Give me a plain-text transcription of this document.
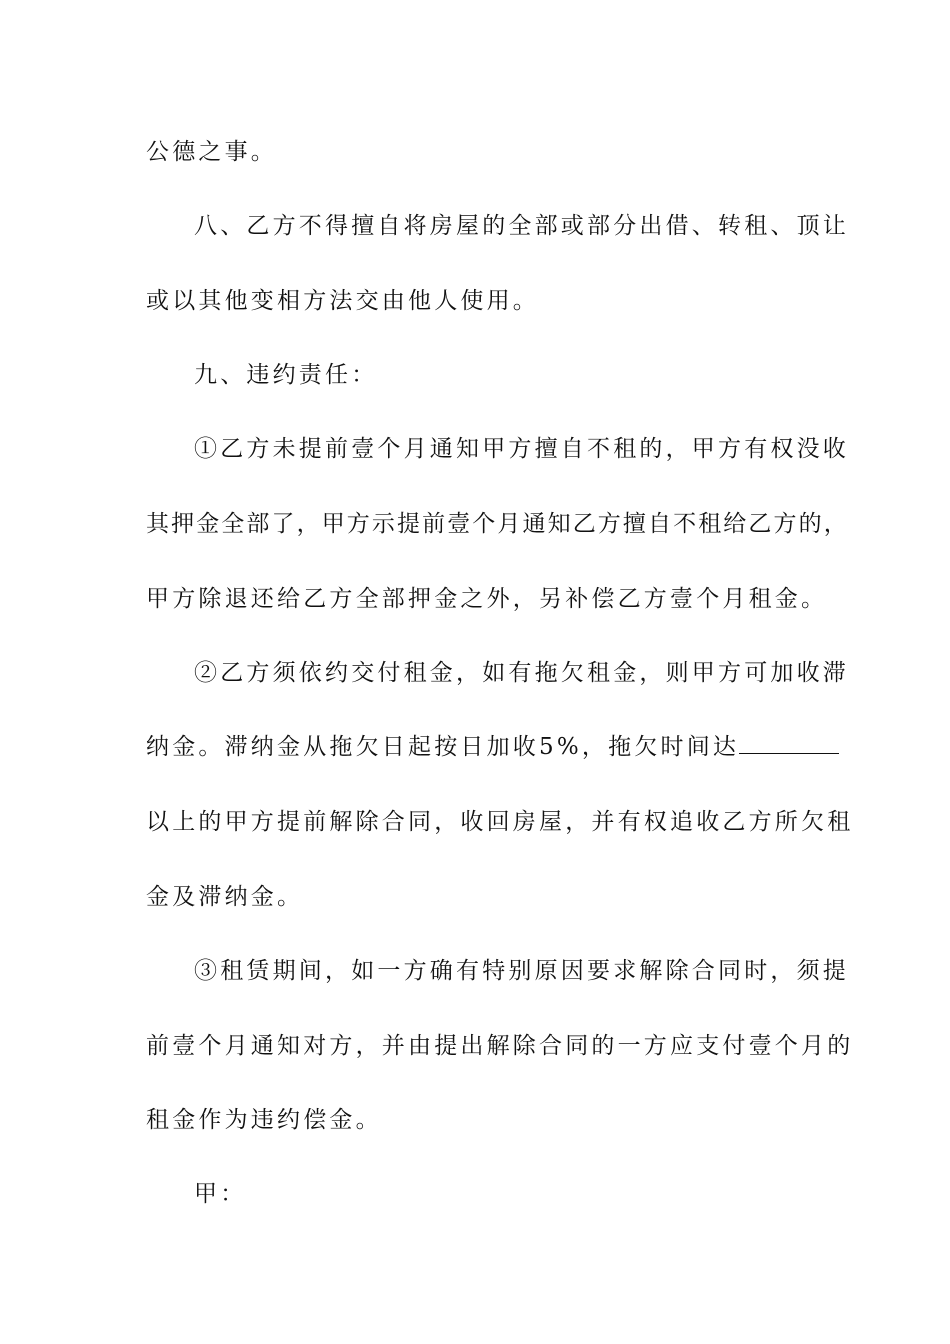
公德之事。
八、乙方不得擅自将房屋的全部或部分出借、转租、顶让
或以其他变相方法交由他人使用。
九、违约责任：
①乙方未提前壹个月通知甲方擅自不租的，甲方有权没收
其押金全部了，甲方示提前壹个月通知乙方擅自不租给乙方的，
甲方除退还给乙方全部押金之外，另补偿乙方壹个月租金。
②乙方须依约交付租金，如有拖欠租金，则甲方可加收滞
纳金。滞纳金从拖欠日起按日加收5%，拖欠时间达
以上的甲方提前解除合同，收回房屋，并有权追收乙方所欠租
金及滞纳金。
③租赁期间，如一方确有特别原因要求解除合同时，须提
前壹个月通知对方，并由提出解除合同的一方应支付壹个月的
租金作为违约偿金。
甲：
